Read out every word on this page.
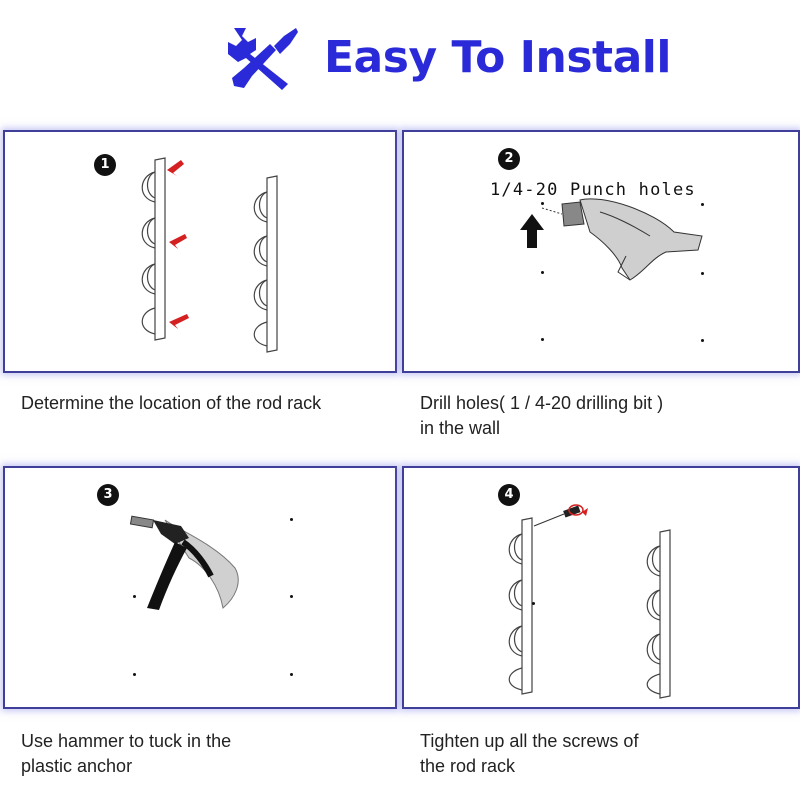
Easy To Install
1	2
1/4-20 Punch holes
Determine the location of the rod rack	Drill holes( 1 / 4-20 drilling bit )
in the wall
3	4
Use hammer to tuck in the
plastic anchor
Tighten up all the screws of
the rod rack
